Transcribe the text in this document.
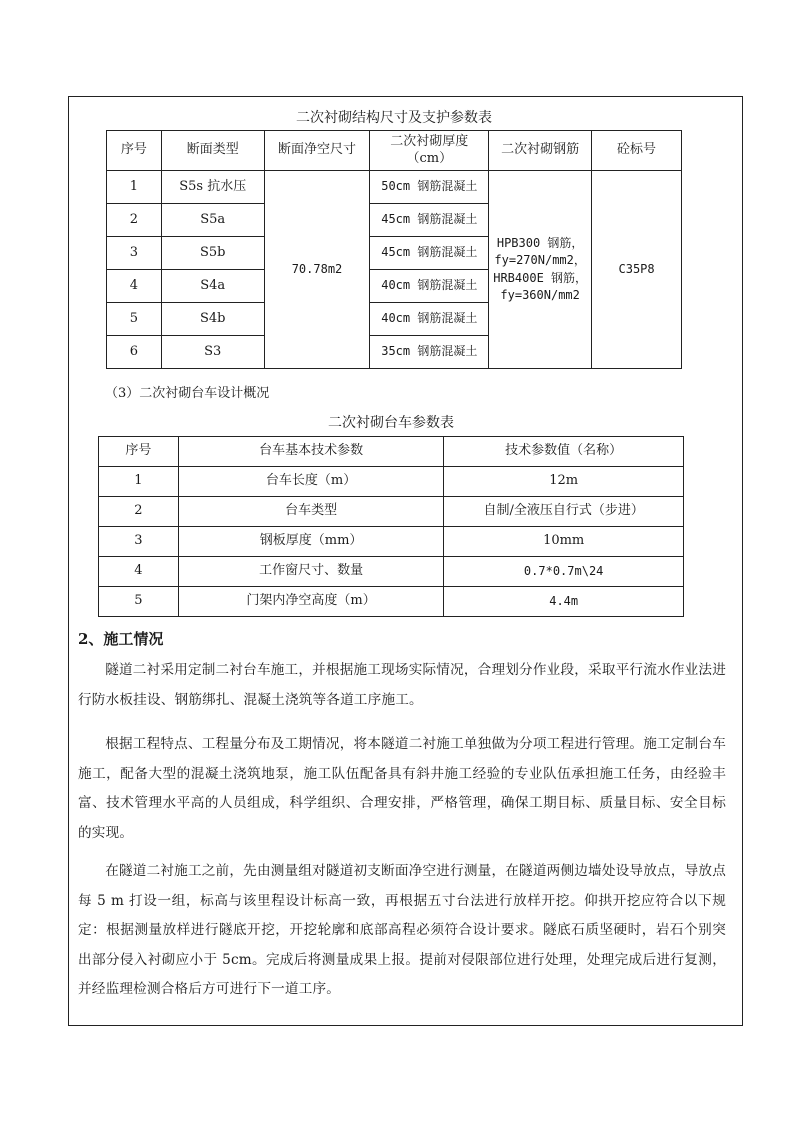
二次衬砌结构尺寸及支护参数表
序号	断面类型	断面净空尺寸	二次衬砌厚度（cm）	二次衬砌钢筋	砼标号
1	S5s 抗水压	70.78m2	50cm 钢筋混凝土	HPB300 钢筋，fy=270N/mm2，HRB400E 钢筋，fy=360N/mm2	C35P8
2	S5a		45cm 钢筋混凝土		
3	S5b		45cm 钢筋混凝土		
4	S4a		40cm 钢筋混凝土		
5	S4b		40cm 钢筋混凝土		
6	S3		35cm 钢筋混凝土		
（3）二次衬砌台车设计概况
二次衬砌台车参数表
序号	台车基本技术参数	技术参数值（名称）
1	台车长度（m）	12m
2	台车类型	自制/全液压自行式（步进）
3	钢板厚度（mm）	10mm
4	工作窗尺寸、数量	0.7*0.7m\24
5	门架内净空高度（m）	4.4m
2、施工情况

隧道二衬采用定制二衬台车施工，并根据施工现场实际情况，合理划分作业段，采取平行流水作业法进行防水板挂设、钢筋绑扎、混凝土浇筑等各道工序施工。

根据工程特点、工程量分布及工期情况，将本隧道二衬施工单独做为分项工程进行管理。施工定制台车施工，配备大型的混凝土浇筑地泵，施工队伍配备具有斜井施工经验的专业队伍承担施工任务，由经验丰富、技术管理水平高的人员组成，科学组织、合理安排，严格管理，确保工期目标、质量目标、安全目标的实现。

在隧道二衬施工之前，先由测量组对隧道初支断面净空进行测量，在隧道两侧边墙处设导放点，导放点每 5 m 打设一组，标高与该里程设计标高一致，再根据五寸台法进行放样开挖。仰拱开挖应符合以下规定：根据测量放样进行隧底开挖，开挖轮廓和底部高程必须符合设计要求。隧底石质坚硬时，岩石个别突出部分侵入衬砌应小于 5cm。完成后将测量成果上报。提前对侵限部位进行处理，处理完成后进行复测，并经监理检测合格后方可进行下一道工序。
